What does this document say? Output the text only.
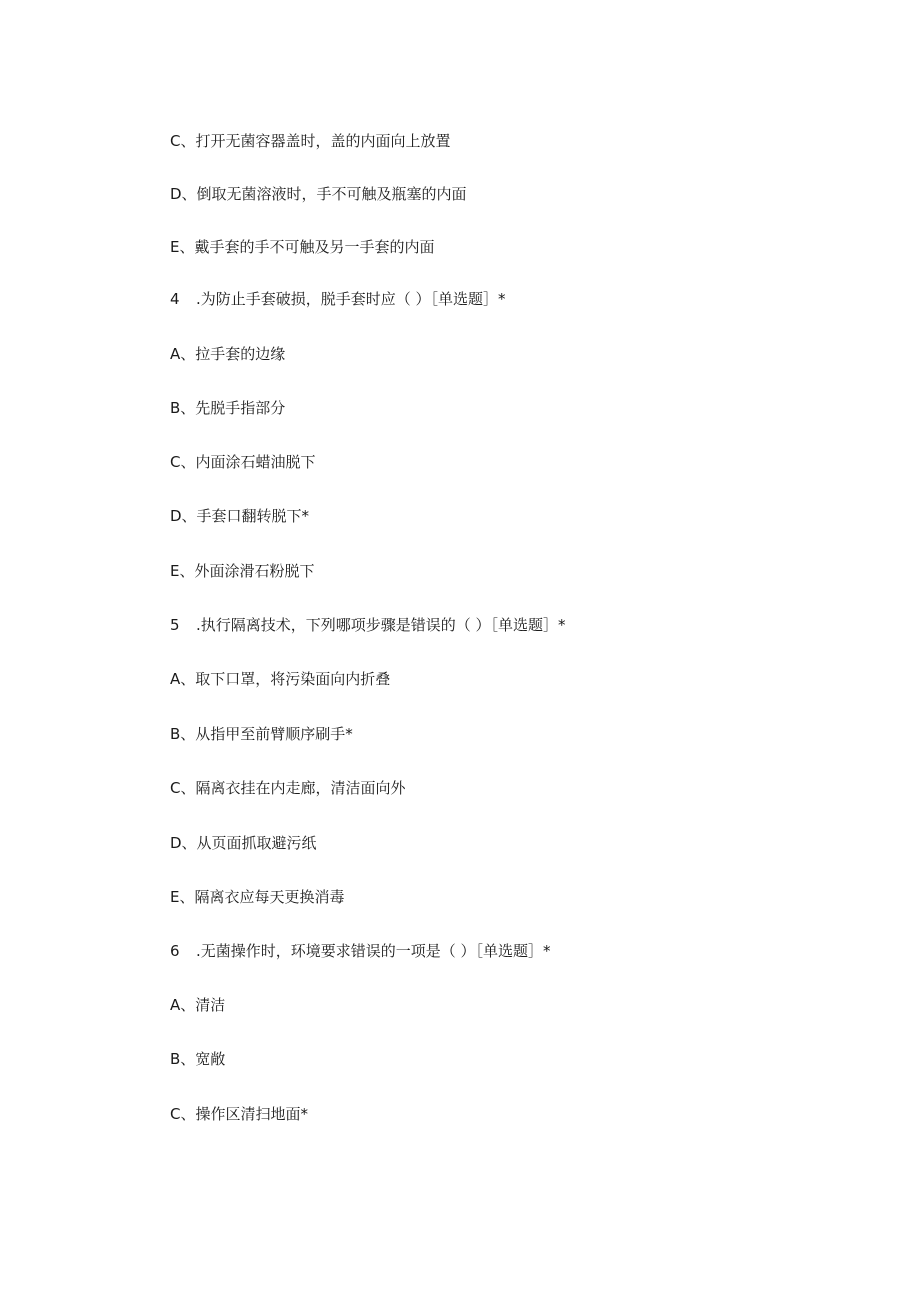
C、打开无菌容器盖时，盖的内面向上放置
D、倒取无菌溶液时，手不可触及瓶塞的内面
E、戴手套的手不可触及另一手套的内面
4 .为防止手套破损，脱手套时应（ ）［单选题］*
A、拉手套的边缘
B、先脱手指部分
C、内面涂石蜡油脱下
D、手套口翻转脱下*
E、外面涂滑石粉脱下
5 .执行隔离技术，下列哪项步骤是错误的（ ）［单选题］*
A、取下口罩，将污染面向内折叠
B、从指甲至前臂顺序刷手*
C、隔离衣挂在内走廊，清洁面向外
D、从页面抓取避污纸
E、隔离衣应每天更换消毒
6 .无菌操作时，环境要求错误的一项是（ ）［单选题］*
A、清洁
B、宽敞
C、操作区清扫地面*
